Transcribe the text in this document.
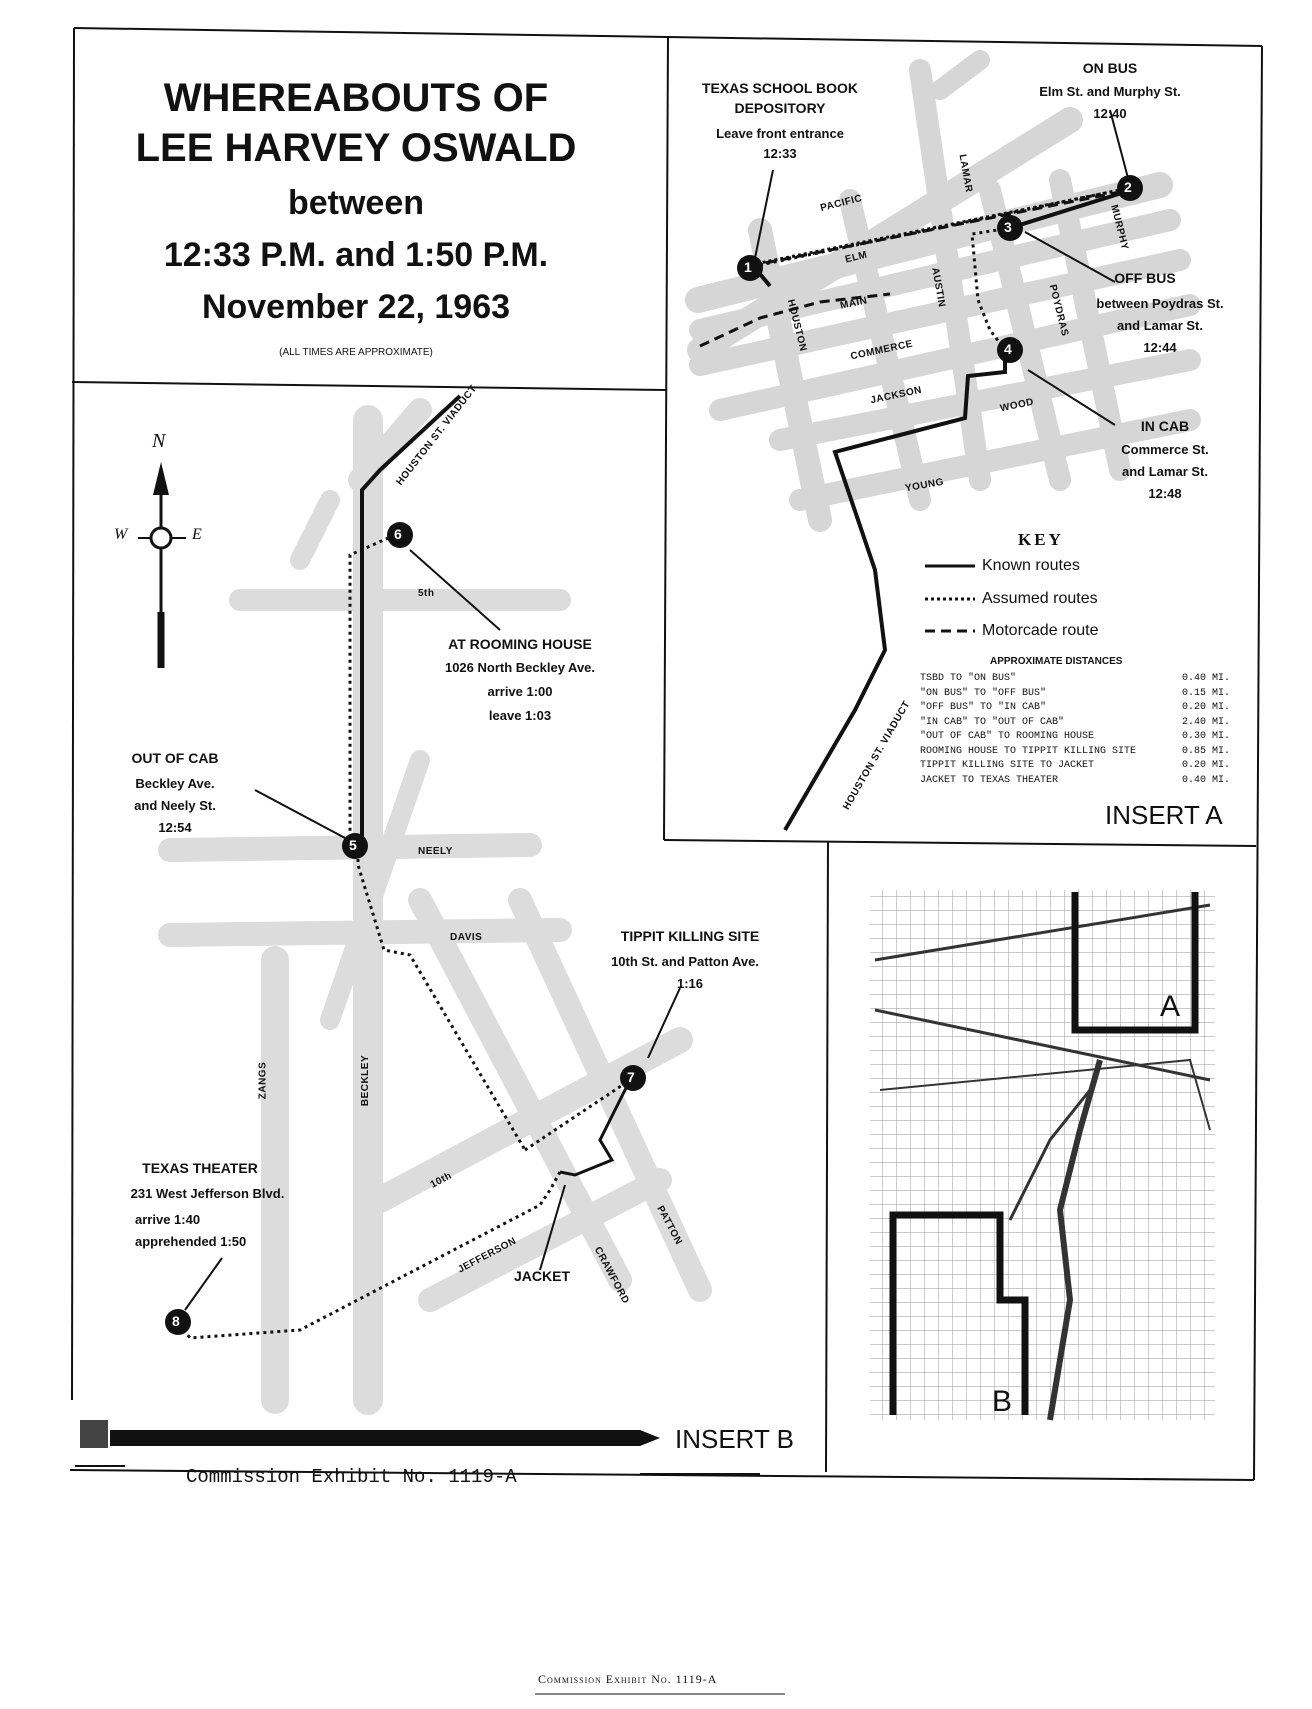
WHEREABOUTS OF
LEE HARVEY OSWALD
between
12:33 P.M. and 1:50 P.M.
November 22, 1963
(ALL TIMES ARE APPROXIMATE)
N
W	E
1
2
3
4
5
6
7
8
TEXAS SCHOOL BOOK
DEPOSITORY
Leave front entrance
12:33
ON BUS
Elm St. and Murphy St.
12:40
OFF BUS
between Poydras St.
and Lamar St.
12:44
IN CAB
Commerce St.
and Lamar St.
12:48
PACIFIC
ELM
MAIN
COMMERCE
JACKSON	WOOD
YOUNG
HOUSTON
AUSTIN
LAMAR
POYDRAS
MURPHY
HOUSTON ST. VIADUCT
KEY
Known routes
Assumed routes
Motorcade route
APPROXIMATE DISTANCES
TSBD TO "ON BUS"	0.40 MI.
"ON BUS" TO "OFF BUS"	0.15 MI.
"OFF BUS" TO "IN CAB"	0.20 MI.
"IN CAB" TO "OUT OF CAB"	2.40 MI.
"OUT OF CAB" TO ROOMING HOUSE	0.30 MI.
ROOMING HOUSE TO TIPPIT KILLING SITE	0.85 MI.
TIPPIT KILLING SITE TO JACKET	0.20 MI.
JACKET TO TEXAS THEATER	0.40 MI.
INSERT A
OUT OF CAB
Beckley Ave.
and Neely St.
12:54
AT ROOMING HOUSE
1026 North Beckley Ave.
arrive 1:00
leave 1:03
TIPPIT KILLING SITE
10th St. and Patton Ave.
1:16
TEXAS THEATER
231 West Jefferson Blvd.
arrive 1:40
apprehended 1:50
JACKET
HOUSTON ST. VIADUCT
5th
NEELY
DAVIS
10th
JEFFERSON	CRAWFORD
PATTON
ZANGS	BECKLEY
INSERT B
A
B
Commission Exhibit No. 1119-A
Commission Exhibit No. 1119-A
